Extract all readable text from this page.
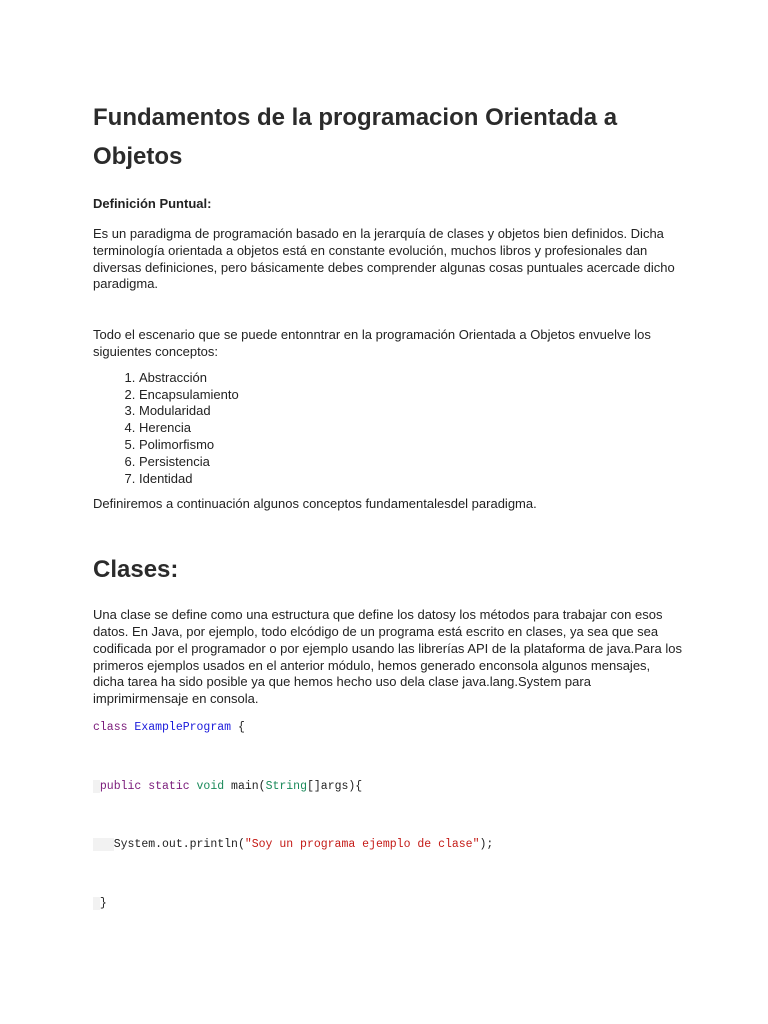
Fundamentos de la programacion Orientada a Objetos
Definición Puntual:

Es un paradigma de programación basado en la jerarquía de clases y objetos bien definidos. Dicha terminología orientada a objetos está en constante evolución, muchos libros y profesionales dan diversas definiciones, pero básicamente debes comprender algunas cosas puntuales acercade dicho paradigma.

Todo el escenario que se puede entonntrar en la programación Orientada a Objetos envuelve los siguientes conceptos:

1. Abstracción
2. Encapsulamiento
3. Modularidad
4. Herencia
5. Polimorfismo
6. Persistencia
7. Identidad

Definiremos a continuación algunos conceptos fundamentalesdel paradigma.

Clases:

Una clase se define como una estructura que define los datosy los métodos para trabajar con esos datos. En Java, por ejemplo, todo elcódigo de un programa está escrito en clases, ya sea que sea codificada por el programador o por ejemplo usando las librerías API de la plataforma de java.Para los primeros ejemplos usados en el anterior módulo, hemos generado enconsola algunos mensajes, dicha tarea ha sido posible ya que hemos hecho uso dela clase java.lang.System para imprimirmensaje en consola.

class ExampleProgram {
public static void main(String[]args){
System.out.println("Soy un programa ejemplo de clase");
}
